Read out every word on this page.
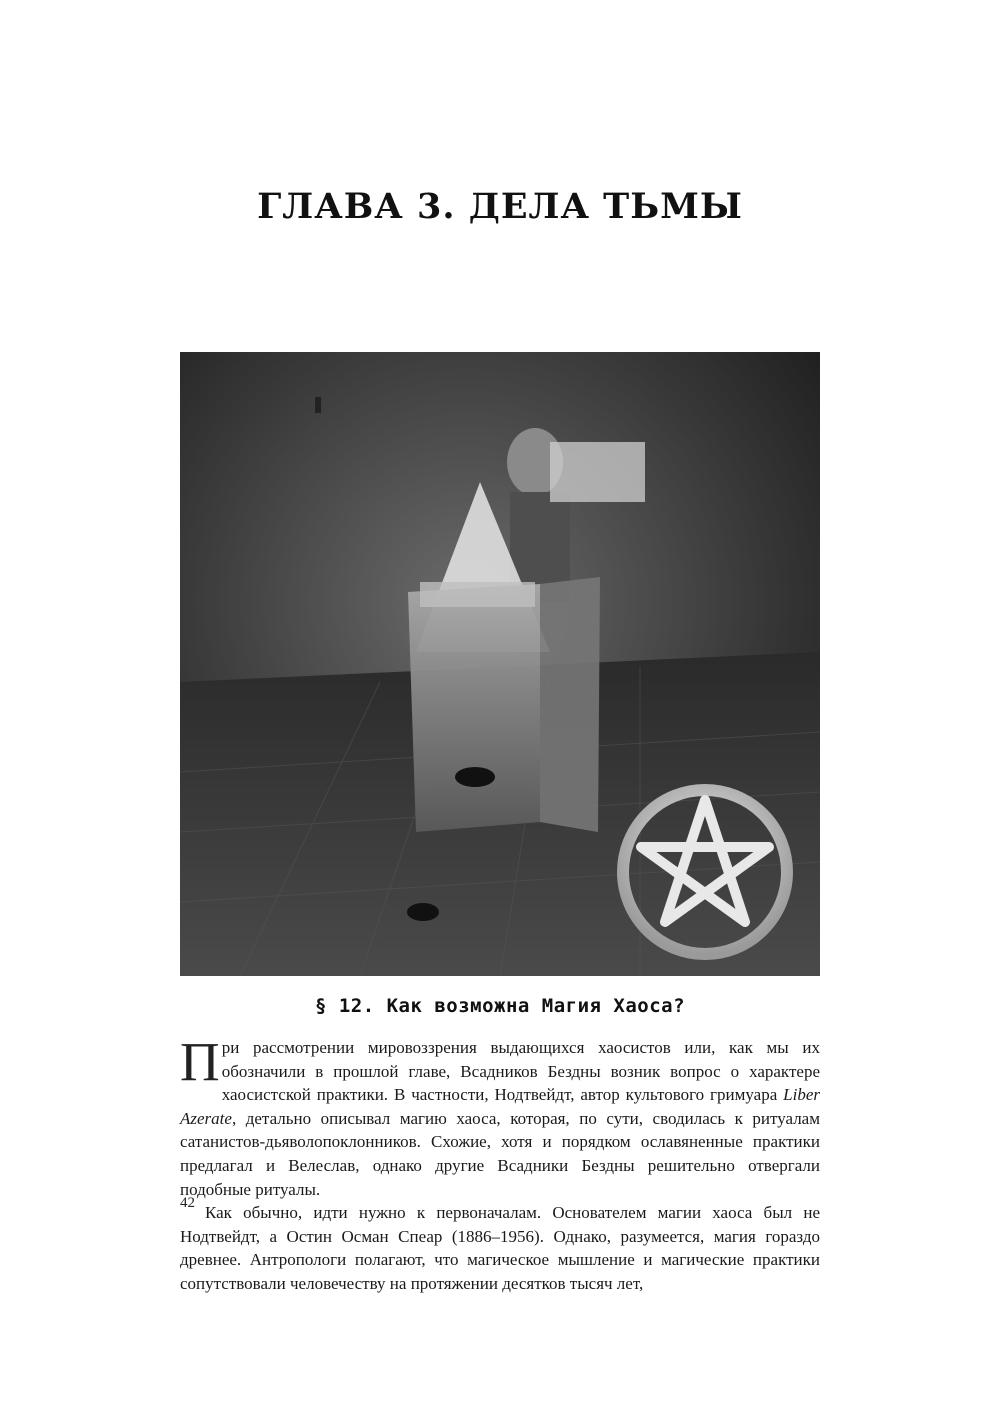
ГЛАВА 3. ДЕЛА ТЬМЫ
§ 12. Как возможна Магия Хаоса?

При рассмотрении мировоззрения выдающихся хаосистов или, как мы их обозначили в прошлой главе, Всадников Бездны возник вопрос о характере хаосистской практики. В частности, Нодтвейдт, автор культового гримуара Liber Azerate, детально описывал магию хаоса, которая, по сути, сводилась к ритуалам сатанистов-дьяволопоклонников. Схожие, хотя и порядком ославяненные практики предлагал и Велеслав, однако другие Всадники Бездны решительно отвергали подобные ритуалы.

Как обычно, идти нужно к первоначалам. Основателем магии хаоса был не Нодтвейдт, а Остин Осман Спеар (1886–1956). Однако, разумеется, магия гораздо древнее. Антропологи полагают, что магическое мышление и магические практики сопутствовали человечеству на протяжении десятков тысяч лет,

42
